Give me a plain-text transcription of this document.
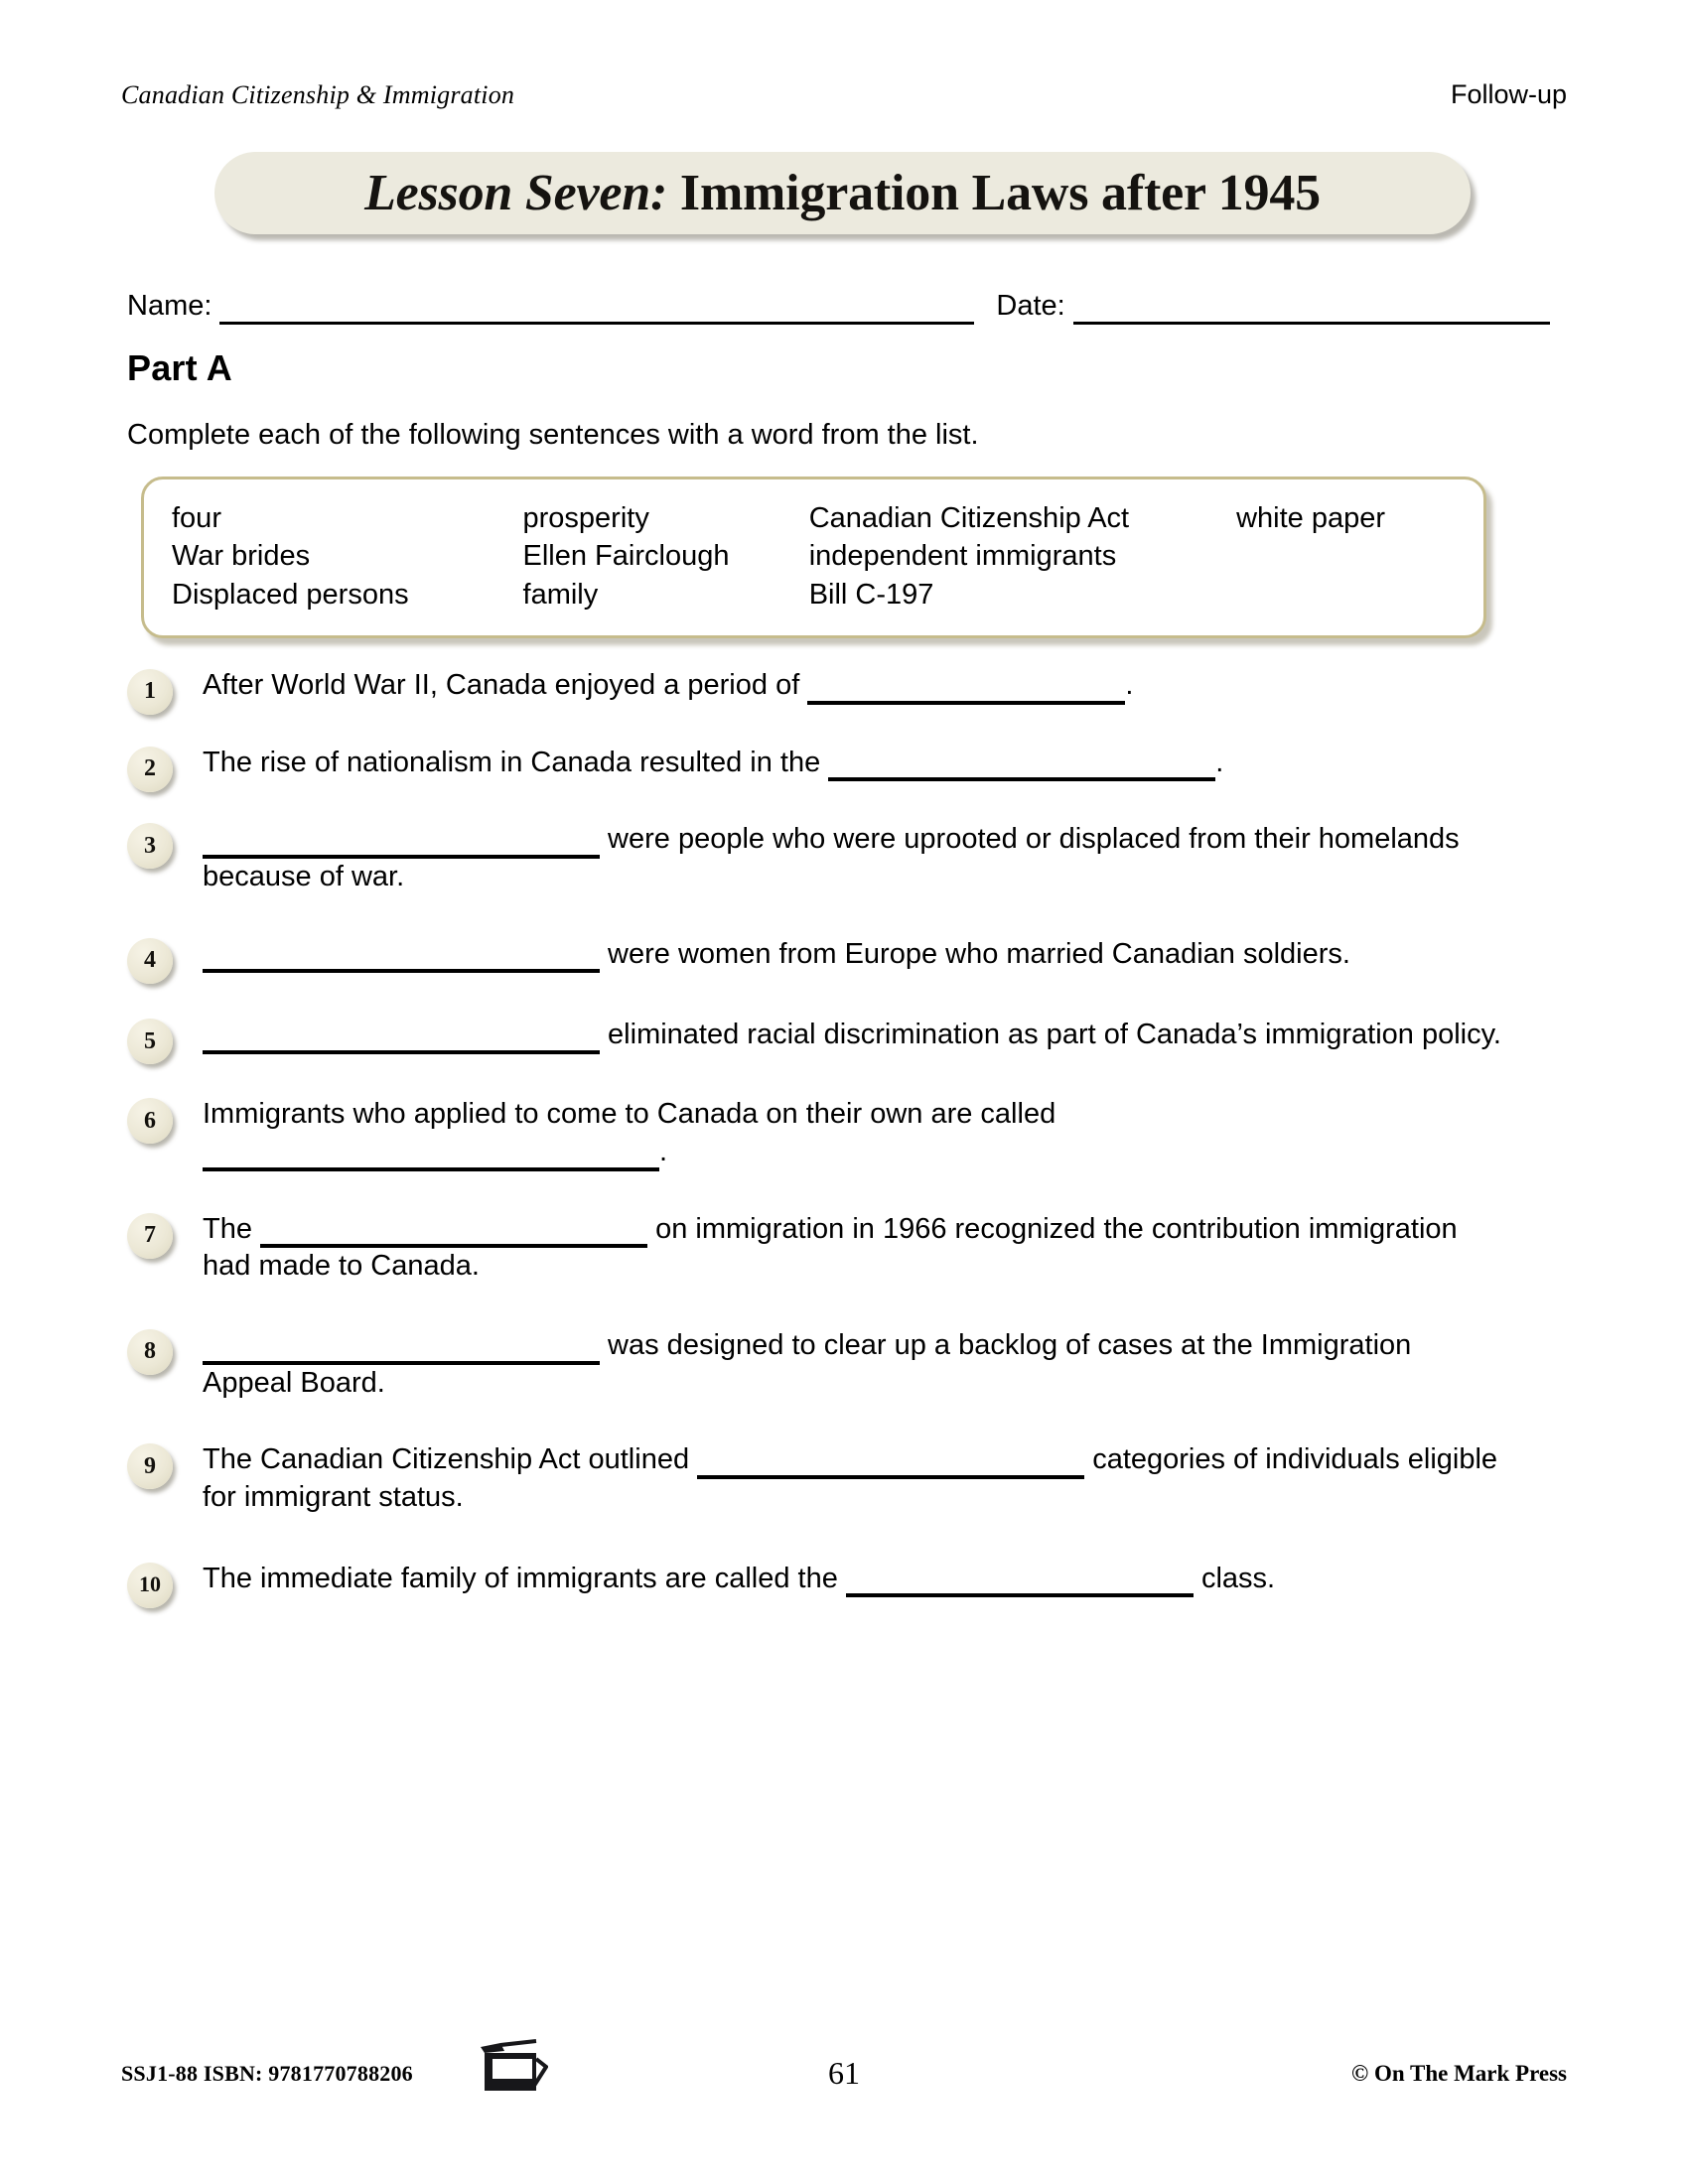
Canadian Citizenship & Immigration	Follow-up
Lesson Seven: Immigration Laws after 1945
Name:	Date:
Part A
Complete each of the following sentences with a word from the list.
four	prosperity	Canadian Citizenship Act	white paper
War brides	Ellen Fairclough	independent immigrants
Displaced persons	family	Bill C-197
1	After World War II, Canada enjoyed a period of	.
2	The rise of nationalism in Canada resulted in the	.
3	were people who were uprooted or displaced from their homelands because of war.
4	were women from Europe who married Canadian soldiers.
5	eliminated racial discrimination as part of Canada’s immigration policy.
6	Immigrants who applied to come to Canada on their own are called .
7	The	on immigration in 1966 recognized the contribution immigration had made to Canada.
8	was designed to clear up a backlog of cases at the Immigration Appeal Board.
9	The Canadian Citizenship Act outlined	categories of individuals eligible for immigrant status.
10	The immediate family of immigrants are called the	class.
SSJ1-88 ISBN: 9781770788206	61	© On The Mark Press
